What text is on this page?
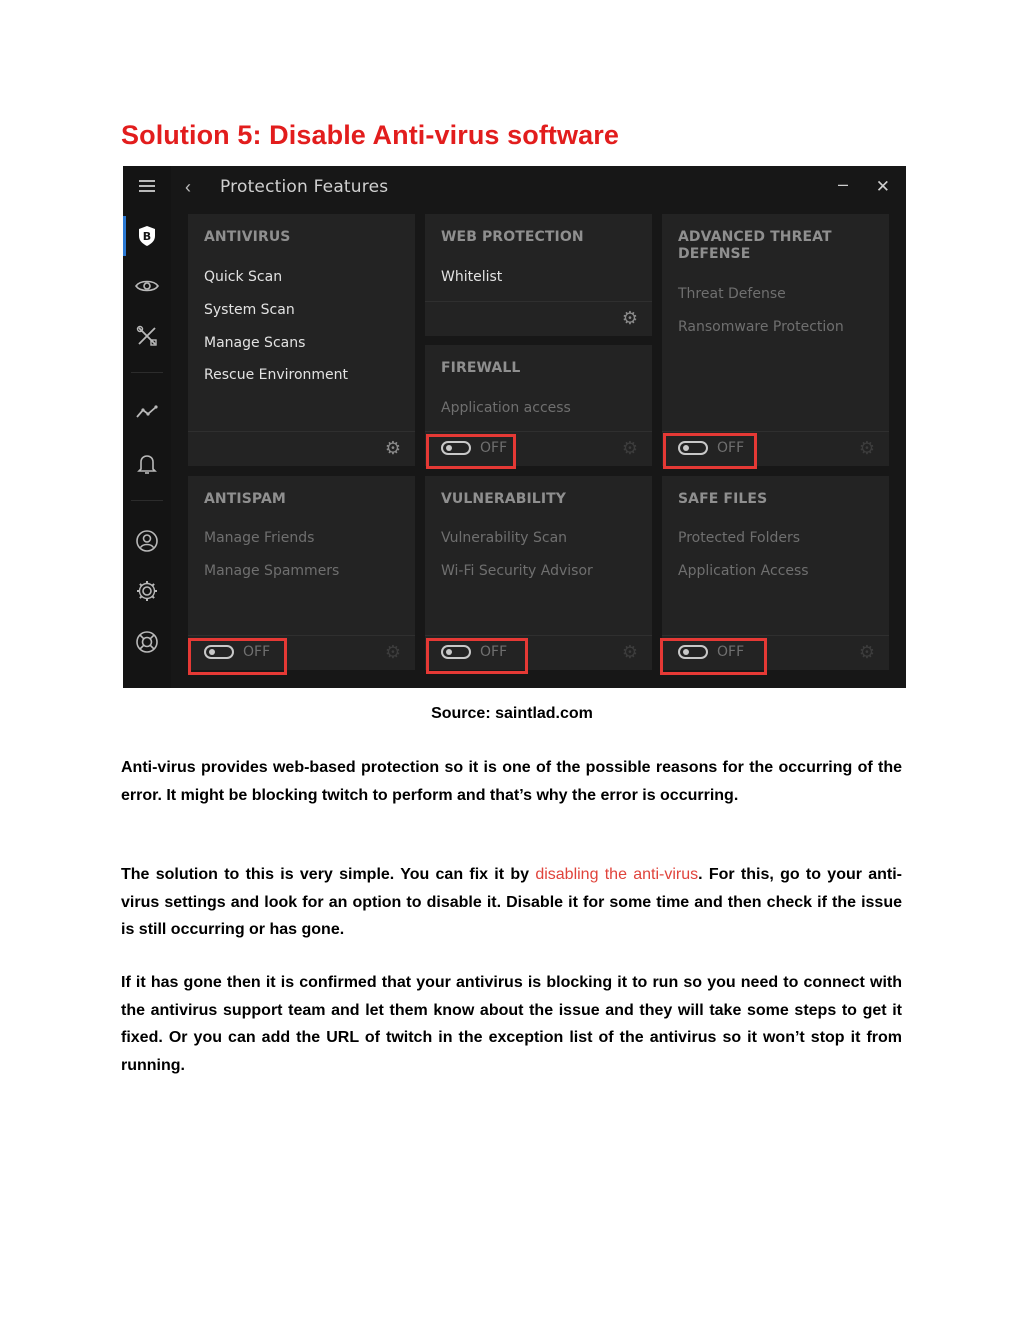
Solution 5: Disable Anti-virus software
B
‹ Protection Features	– ✕
ANTIVIRUS
Quick Scan
System Scan
Manage Scans
Rescue Environment
⚙
WEB PROTECTION
Whitelist
⚙
FIREWALL
Application access
OFF	⚙
ADVANCED THREAT DEFENSE
Threat Defense
Ransomware Protection
OFF	⚙
ANTISPAM
Manage Friends
Manage Spammers
OFF	⚙
VULNERABILITY
Vulnerability Scan
Wi-Fi Security Advisor
OFF	⚙
SAFE FILES
Protected Folders
Application Access
OFF	⚙
Source: saintlad.com

Anti-virus provides web-based protection so it is one of the possible reasons for the occurring of the error. It might be blocking twitch to perform and that’s why the error is occurring.

The solution to this is very simple. You can fix it by disabling the anti-virus. For this, go to your anti-virus settings and look for an option to disable it. Disable it for some time and then check if the issue is still occurring or has gone.

If it has gone then it is confirmed that your antivirus is blocking it to run so you need to connect with the antivirus support team and let them know about the issue and they will take some steps to get it fixed. Or you can add the URL of twitch in the exception list of the antivirus so it won’t stop it from running.
